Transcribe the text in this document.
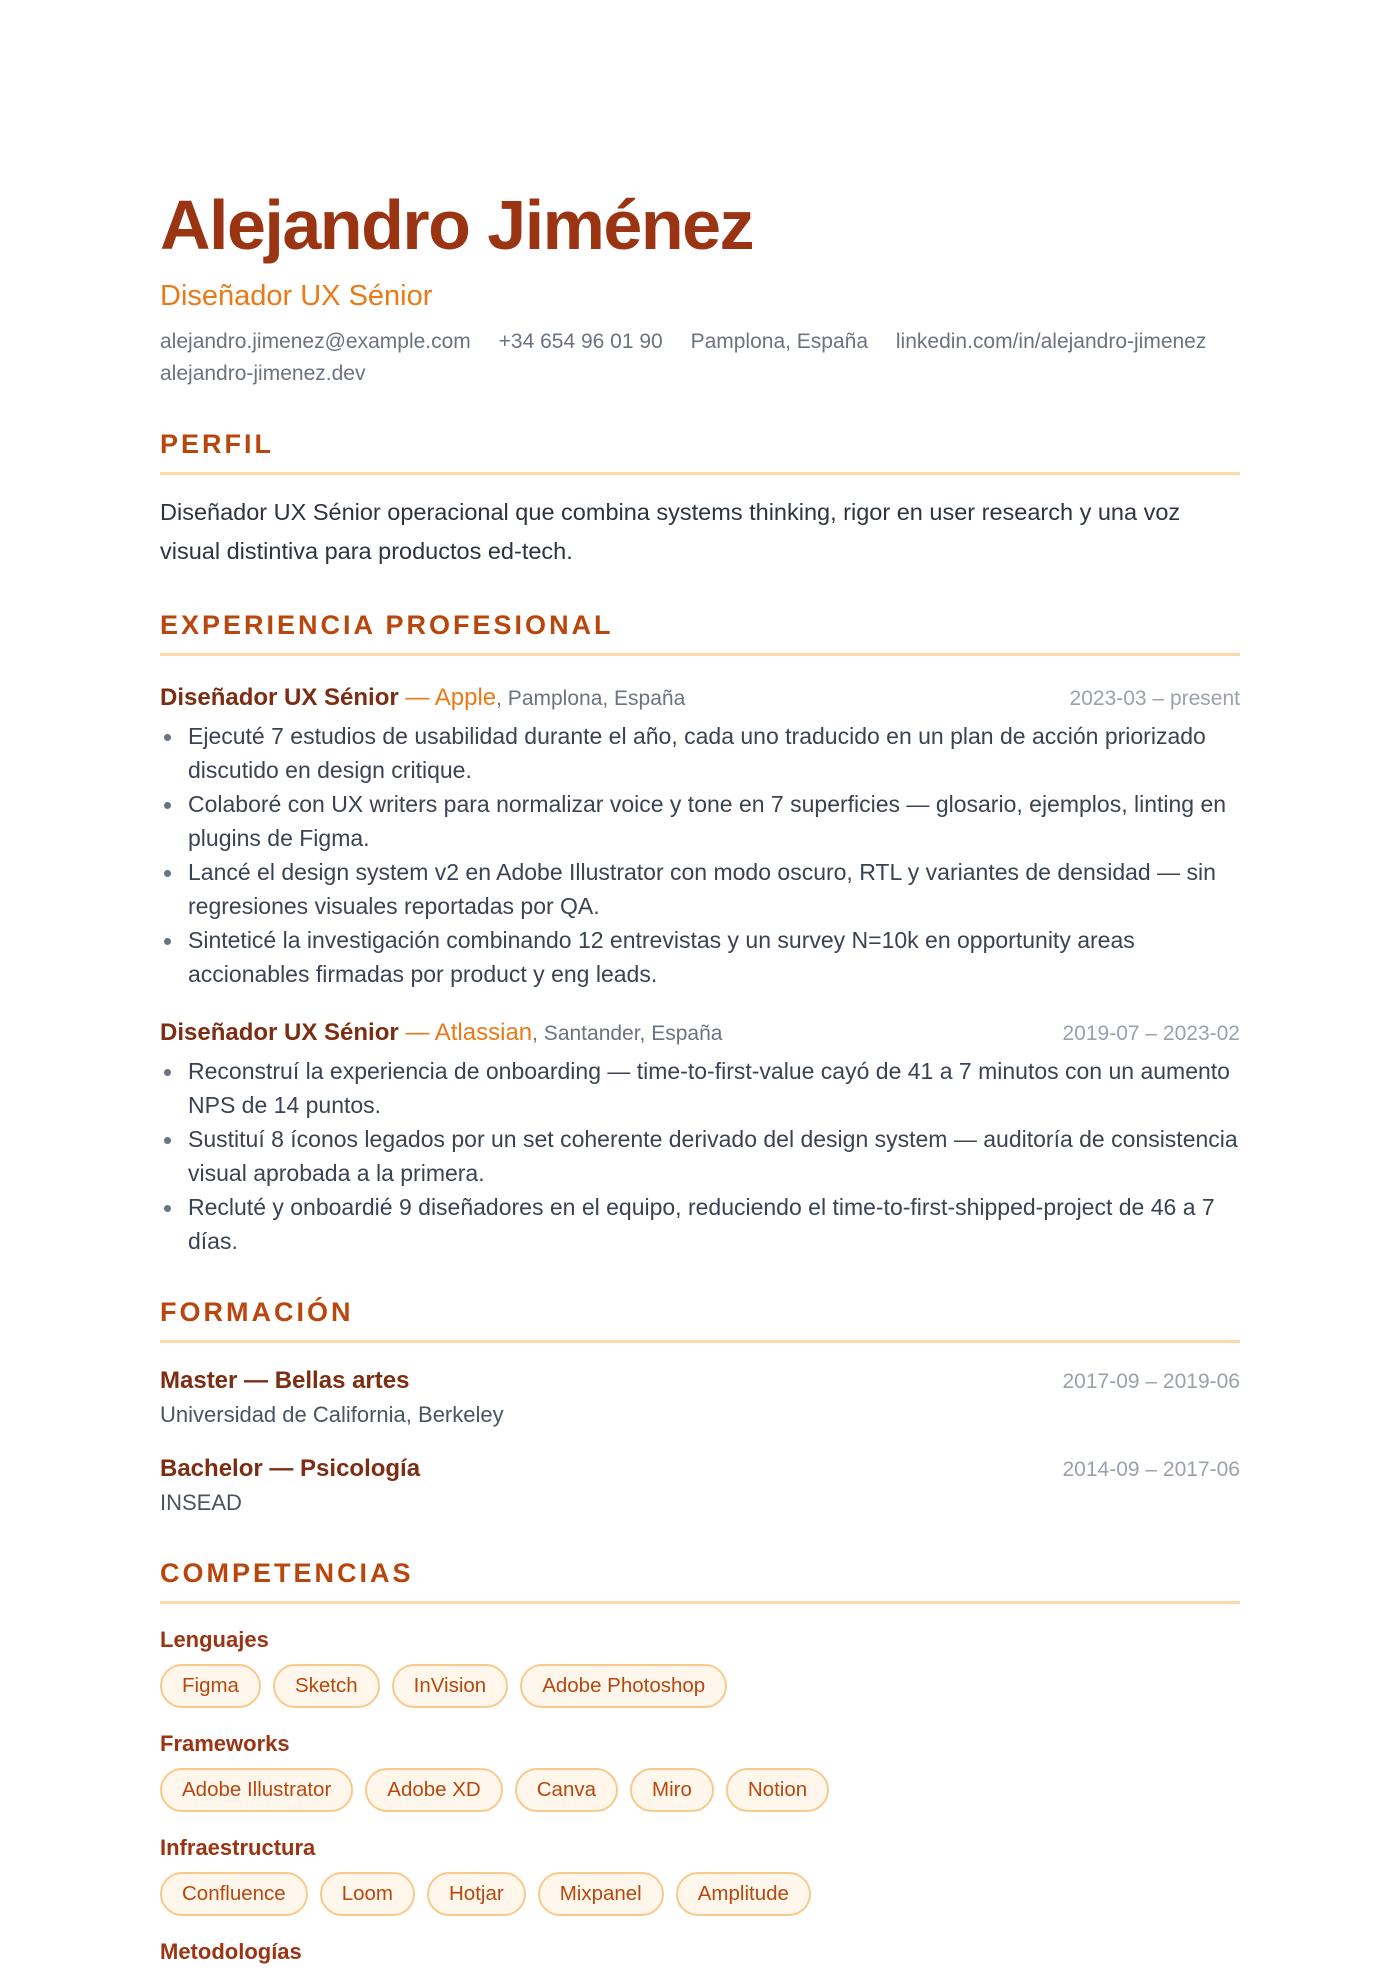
Alejandro Jiménez
Diseñador UX Sénior
alejandro.jimenez@example.com +34 654 96 01 90 Pamplona, España linkedin.com/in/alejandro-jimenez alejandro-jimenez.dev
PERFIL
Diseñador UX Sénior operacional que combina systems thinking, rigor en user research y una voz visual distintiva para productos ed-tech.
EXPERIENCIA PROFESIONAL
Diseñador UX Sénior — Apple, Pamplona, España	2023-03 – present
Ejecuté 7 estudios de usabilidad durante el año, cada uno traducido en un plan de acción priorizado discutido en design critique.
Colaboré con UX writers para normalizar voice y tone en 7 superficies — glosario, ejemplos, linting en plugins de Figma.
Lancé el design system v2 en Adobe Illustrator con modo oscuro, RTL y variantes de densidad — sin regresiones visuales reportadas por QA.
Sinteticé la investigación combinando 12 entrevistas y un survey N=10k en opportunity areas accionables firmadas por product y eng leads.
Diseñador UX Sénior — Atlassian, Santander, España	2019-07 – 2023-02
Reconstruí la experiencia de onboarding — time-to-first-value cayó de 41 a 7 minutos con un aumento NPS de 14 puntos.
Sustituí 8 íconos legados por un set coherente derivado del design system — auditoría de consistencia visual aprobada a la primera.
Recluté y onboardié 9 diseñadores en el equipo, reduciendo el time-to-first-shipped-project de 46 a 7 días.
FORMACIÓN
Master — Bellas artes	2017-09 – 2019-06
Universidad de California, Berkeley
Bachelor — Psicología	2014-09 – 2017-06
INSEAD
COMPETENCIAS
Lenguajes
Figma	Sketch	InVision	Adobe Photoshop
Frameworks
Adobe Illustrator	Adobe XD	Canva	Miro	Notion
Infraestructura
Confluence	Loom	Hotjar	Mixpanel	Amplitude
Metodologías
